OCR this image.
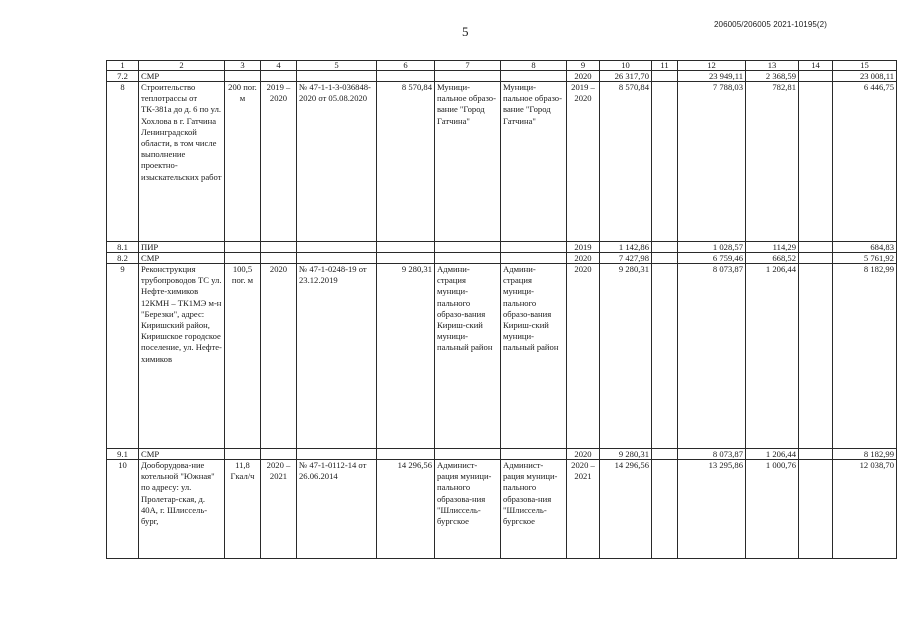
5	206005/206005 2021-10195(2)
1	2	3	4	5	6	7	8	9	10	11	12	13	14	15
7.2	СМР							2020	26 317,70		23 949,11	2 368,59		23 008,11
8	Строительство теплотрассы от ТК-381а до д. 6 по ул. Хохлова в г. Гатчина Ленинградской области, в том числе выполнение проектно-изыскательских работ	200 пог. м	2019 – 2020	№ 47-1-1-3-036848-2020 от 05.08.2020	8 570,84	Муници-пальное образо-вание "Город Гатчина"	Муници-пальное образо-вание "Город Гатчина"	2019 – 2020	8 570,84		7 788,03	782,81		6 446,75
8.1	ПИР							2019	1 142,86		1 028,57	114,29		684,83
8.2	СМР							2020	7 427,98		6 759,46	668,52		5 761,92
9	Реконструкция трубопроводов ТС ул. Нефте-химиков 12КМН – ТК1МЭ м-н "Березки", адрес: Киришский район, Киришское городское поселение, ул. Нефте-химиков	100,5 пог. м	2020	№ 47-1-0248-19 от 23.12.2019	9 280,31	Админи-страция муници-пального образо-вания Кириш-ский муници-пальный район	Админи-страция муници-пального образо-вания Кириш-ский муници-пальный район	2020	9 280,31		8 073,87	1 206,44		8 182,99
9.1	СМР							2020	9 280,31		8 073,87	1 206,44		8 182,99
10	Дооборудова-ние котельной "Южная" по адресу: ул. Пролетар-ская, д. 40А, г. Шлиссель-бург,	11,8 Гкал/ч	2020 – 2021	№ 47-1-0112-14 от 26.06.2014	14 296,56	Админист-рация муници-пального образова-ния "Шлиссель-бургское	Админист-рация муници-пального образова-ния "Шлиссель-бургское	2020 – 2021	14 296,56		13 295,86	1 000,76		12 038,70
